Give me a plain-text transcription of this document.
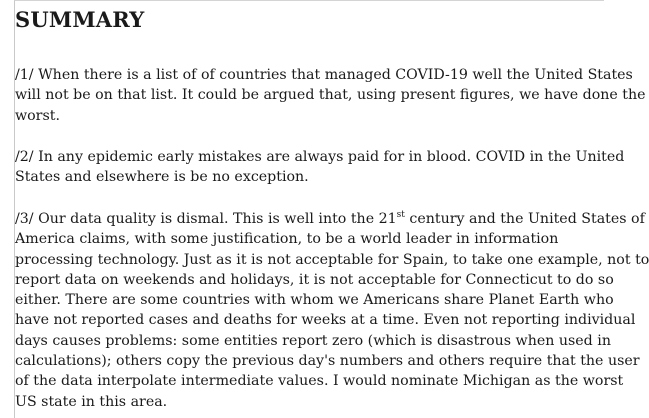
SUMMARY

/1/ When there is a list of of countries that managed COVID-19 well the United States
will not be on that list. It could be argued that, using present figures, we have done the
worst.

/2/ In any epidemic early mistakes are always paid for in blood. COVID in the United
States and elsewhere is be no exception.

/3/ Our data quality is dismal. This is well into the 21st century and the United States of
America claims, with some justification, to be a world leader in information
processing technology. Just as it is not acceptable for Spain, to take one example, not to
report data on weekends and holidays, it is not acceptable for Connecticut to do so
either. There are some countries with whom we Americans share Planet Earth who
have not reported cases and deaths for weeks at a time. Even not reporting individual
days causes problems: some entities report zero (which is disastrous when used in
calculations); others copy the previous day's numbers and others require that the user
of the data interpolate intermediate values. I would nominate Michigan as the worst
US state in this area.
